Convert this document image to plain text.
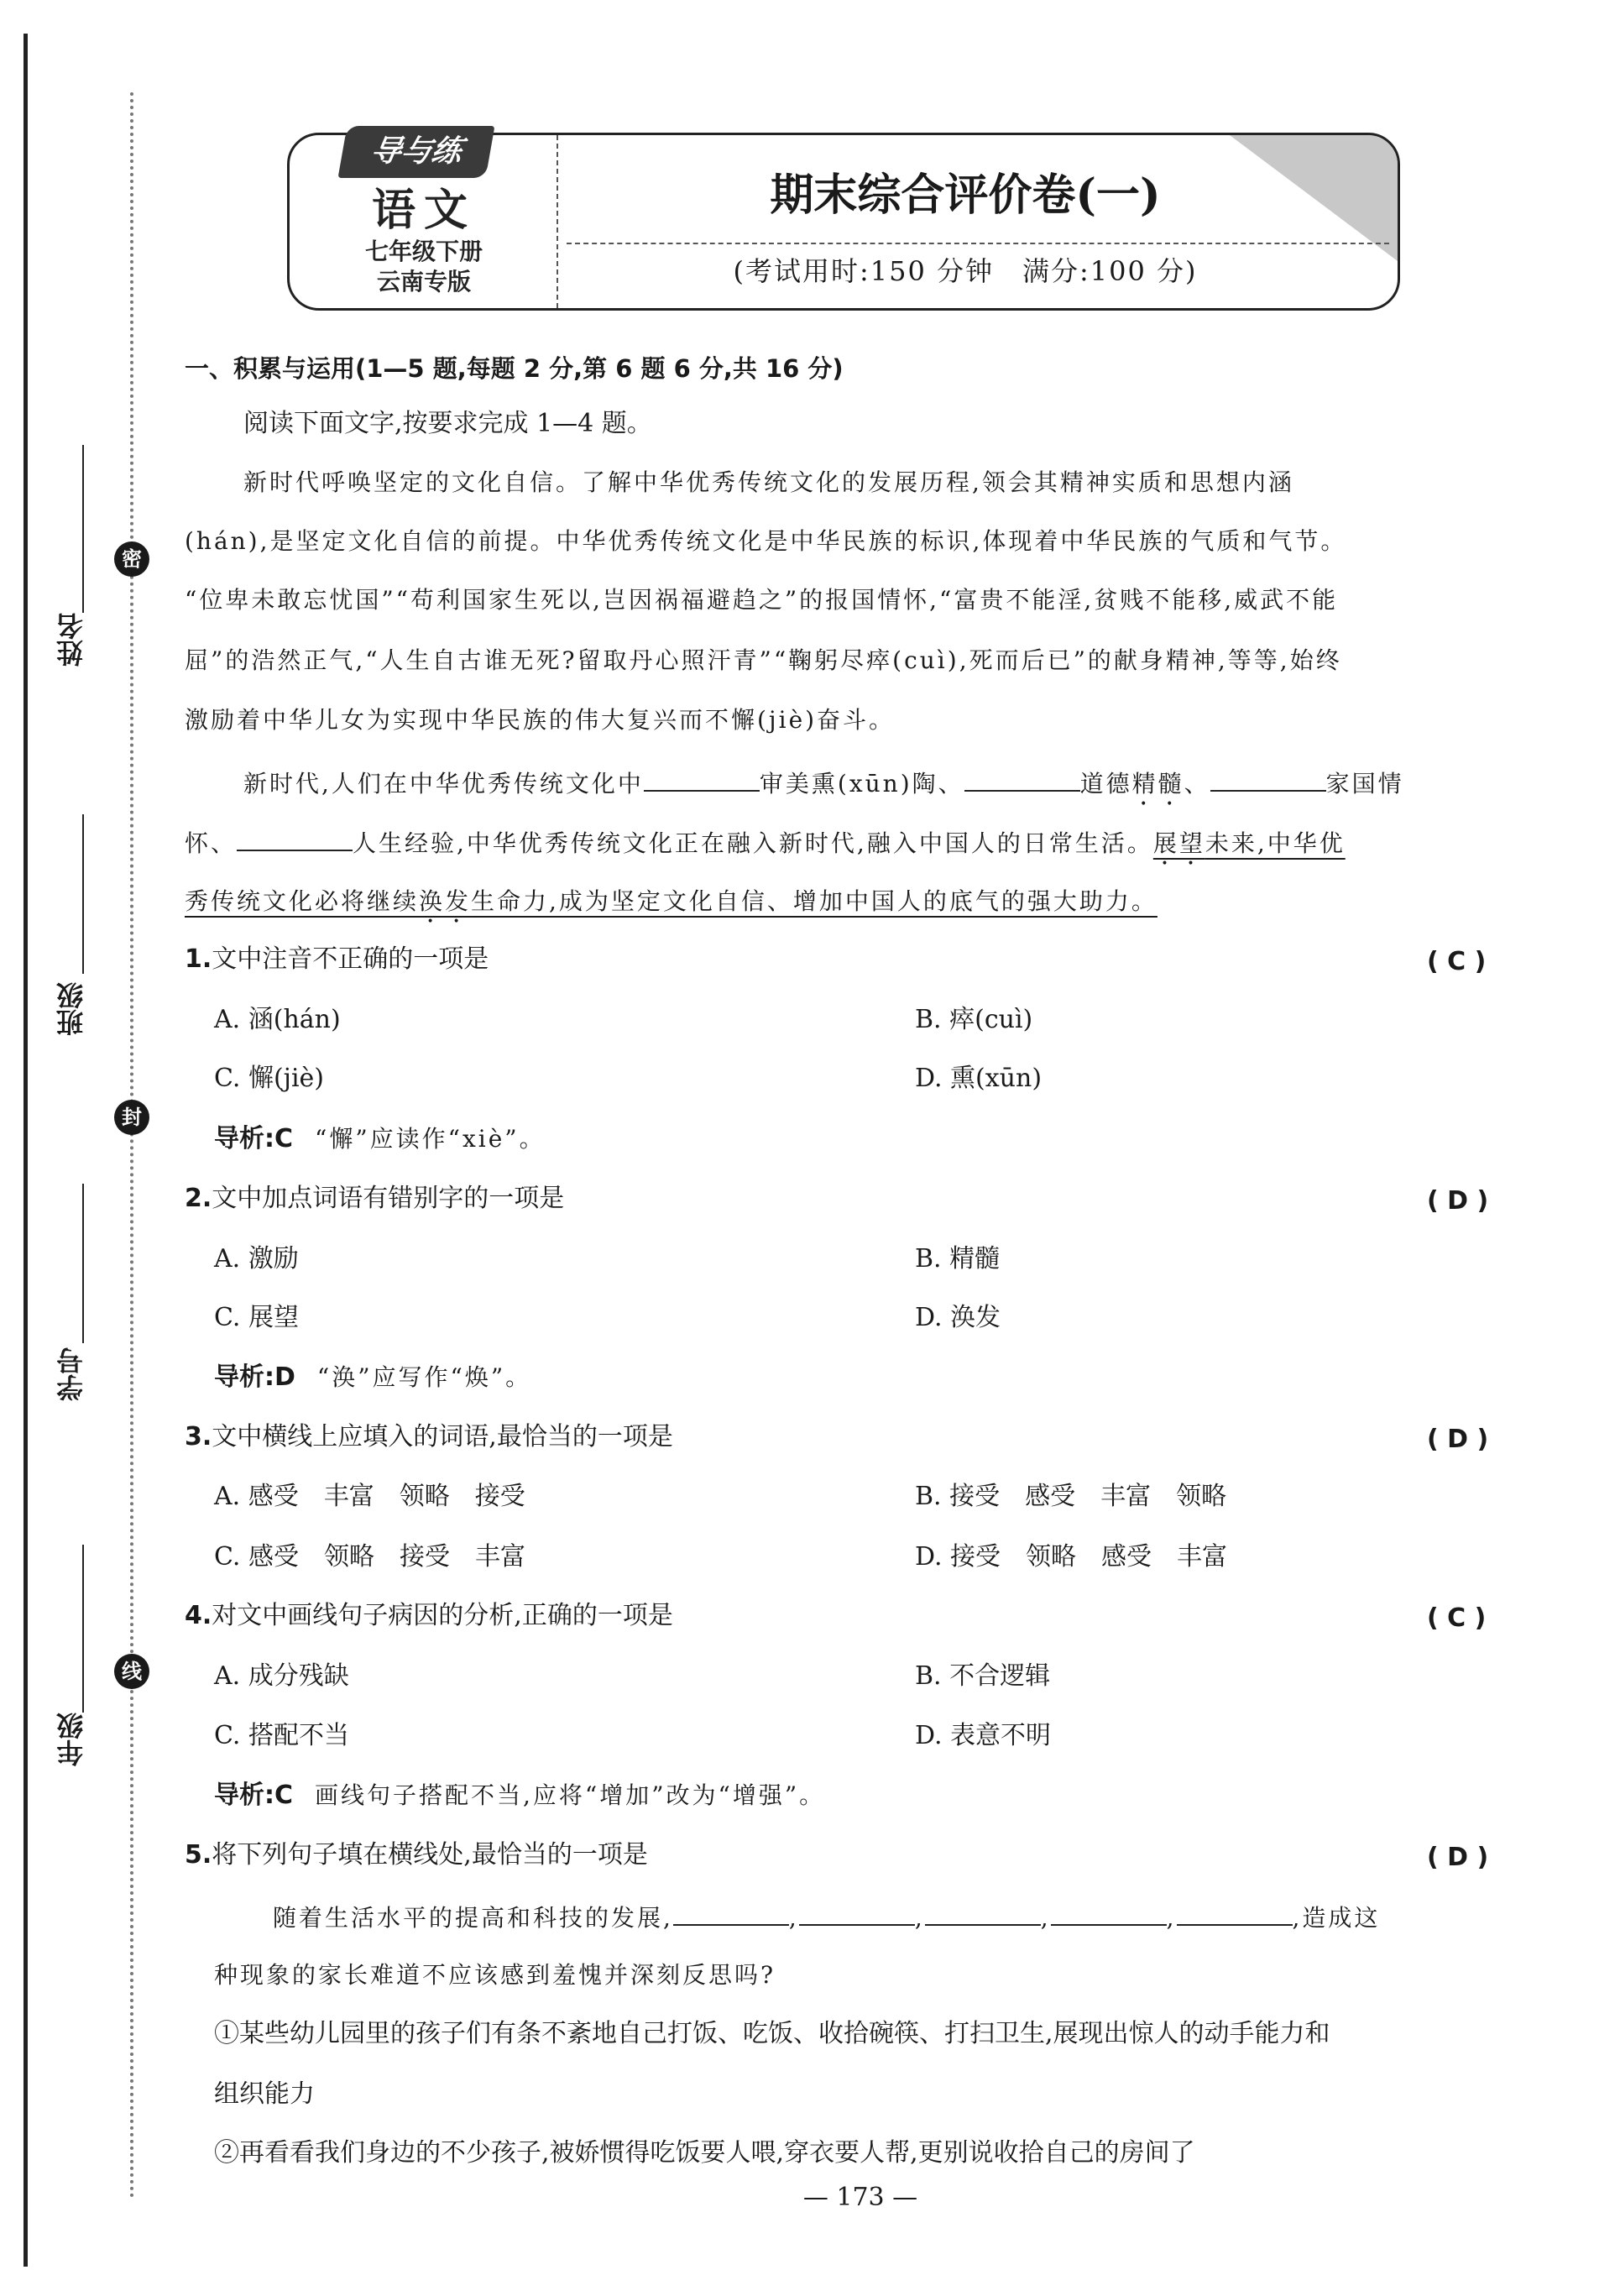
姓名
密
班级
封
学号
线
年级
导与练
语文
七年级下册
云南专版
期末综合评价卷(一)
(考试用时:150 分钟　满分:100 分)
一、积累与运用(1—5 题,每题 2 分,第 6 题 6 分,共 16 分)
阅读下面文字,按要求完成 1—4 题。
新时代呼唤坚定的文化自信。了解中华优秀传统文化的发展历程,领会其精神实质和思想内涵
(hán),是坚定文化自信的前提。中华优秀传统文化是中华民族的标识,体现着中华民族的气质和气节。
“位卑未敢忘忧国”“苟利国家生死以,岂因祸福避趋之”的报国情怀,“富贵不能淫,贫贱不能移,威武不能
屈”的浩然正气,“人生自古谁无死?留取丹心照汗青”“鞠躬尽瘁(cuì),死而后已”的献身精神,等等,始终
激励着中华儿女为实现中华民族的伟大复兴而不懈(jiè)奋斗。
新时代,人们在中华优秀传统文化中	审美熏(xūn)陶、	道德精髓、	家国情
怀、	人生经验,中华优秀传统文化正在融入新时代,融入中国人的日常生活。展望未来,中华优
秀传统文化必将继续涣发生命力,成为坚定文化自信、增加中国人的底气的强大助力。
1.文中注音不正确的一项是	( C )
A. 涵(hán)	B. 瘁(cuì)
C. 懈(jiè)	D. 熏(xūn)
导析:C “懈”应读作“xiè”。
2.文中加点词语有错别字的一项是	( D )
A. 激励	B. 精髓
C. 展望	D. 涣发
导析:D “涣”应写作“焕”。
3.文中横线上应填入的词语,最恰当的一项是	( D )
A. 感受　丰富　领略　接受	B. 接受　感受　丰富　领略
C. 感受　领略　接受　丰富	D. 接受　领略　感受　丰富
4.对文中画线句子病因的分析,正确的一项是	( C )
A. 成分残缺	B. 不合逻辑
C. 搭配不当	D. 表意不明
导析:C 画线句子搭配不当,应将“增加”改为“增强”。
5.将下列句子填在横线处,最恰当的一项是	( D )
随着生活水平的提高和科技的发展,	,	,	,	,	,造成这
种现象的家长难道不应该感到羞愧并深刻反思吗?
①某些幼儿园里的孩子们有条不紊地自己打饭、吃饭、收拾碗筷、打扫卫生,展现出惊人的动手能力和
组织能力
②再看看我们身边的不少孩子,被娇惯得吃饭要人喂,穿衣要人帮,更别说收拾自己的房间了
— 173 —
